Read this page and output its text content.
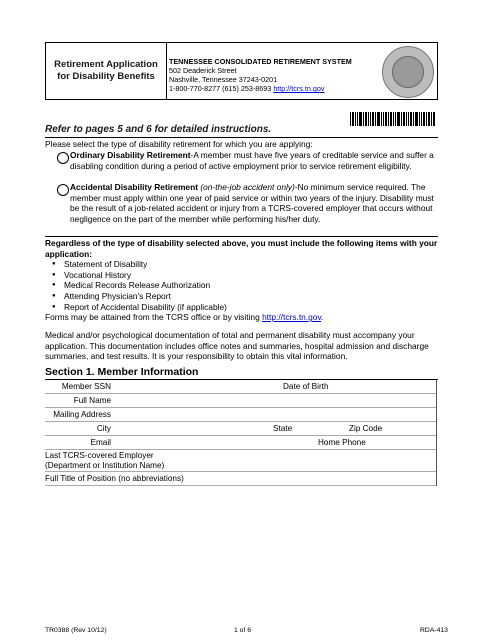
Retirement Application
for Disability Benefits
TENNESSEE CONSOLIDATED RETIREMENT SYSTEM
502 Deaderick Street
Nashville, Tennessee 37243-0201
1-800-770-8277 (615) 253-8693 http://tcrs.tn.gov
Refer to pages 5 and 6 for detailed instructions.
Please select the type of disability retirement for which you are applying:
Ordinary Disability Retirement-A member must have five years of creditable service and suffer a disabling condition during a period of active employment prior to service retirement eligibility.
Accidental Disability Retirement (on-the-job accident only)-No minimum service required. The member must apply within one year of paid service or within two years of the injury. Disability must be the result of a job-related accident or injury from a TCRS-covered employer that occurs without negligence on the part of the member while performing his/her duty.
Regardless of the type of disability selected above, you must include the following items with your application:
● Statement of Disability
● Vocational History
● Medical Records Release Authorization
● Attending Physician's Report
● Report of Accidental Disability (if applicable)
Forms may be attained from the TCRS office or by visiting http://tcrs.tn.gov.
Medical and/or psychological documentation of total and permanent disability must accompany your application. This documentation includes office notes and summaries, hospital admission and discharge summaries, and test results. It is your responsibility to obtain this vital information.
Section 1. Member Information
Member SSN	Date of Birth
Full Name
Mailing Address
City	State	Zip Code
Email	Home Phone
Last TCRS-covered Employer
(Department or Institution Name)
Full Title of Position (no abbreviations)
TR0388 (Rev 10/12)	1 of 6	RDA-413
